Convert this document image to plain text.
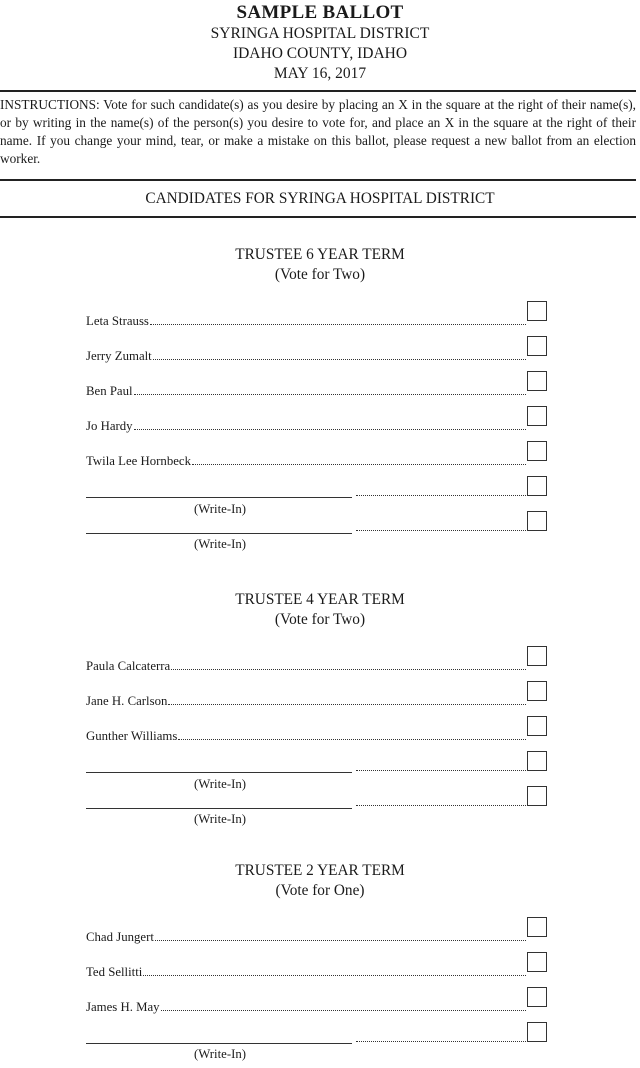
SAMPLE BALLOT
SYRINGA HOSPITAL DISTRICT
IDAHO COUNTY, IDAHO
MAY 16, 2017
INSTRUCTIONS: Vote for such candidate(s) as you desire by placing an X in the square at the right of their name(s), or by writing in the name(s) of the person(s) you desire to vote for, and place an X in the square at the right of their name. If you change your mind, tear, or make a mistake on this ballot, please request a new ballot from an election worker.
CANDIDATES FOR SYRINGA HOSPITAL DISTRICT
TRUSTEE 6 YEAR TERM
(Vote for Two)
Leta Strauss
Jerry Zumalt
Ben Paul
Jo Hardy
Twila Lee Hornbeck
(Write-In)
(Write-In)
TRUSTEE 4 YEAR TERM
(Vote for Two)
Paula Calcaterra
Jane H. Carlson
Gunther Williams
(Write-In)
(Write-In)
TRUSTEE 2 YEAR TERM
(Vote for One)
Chad Jungert
Ted Sellitti
James H. May
(Write-In)
